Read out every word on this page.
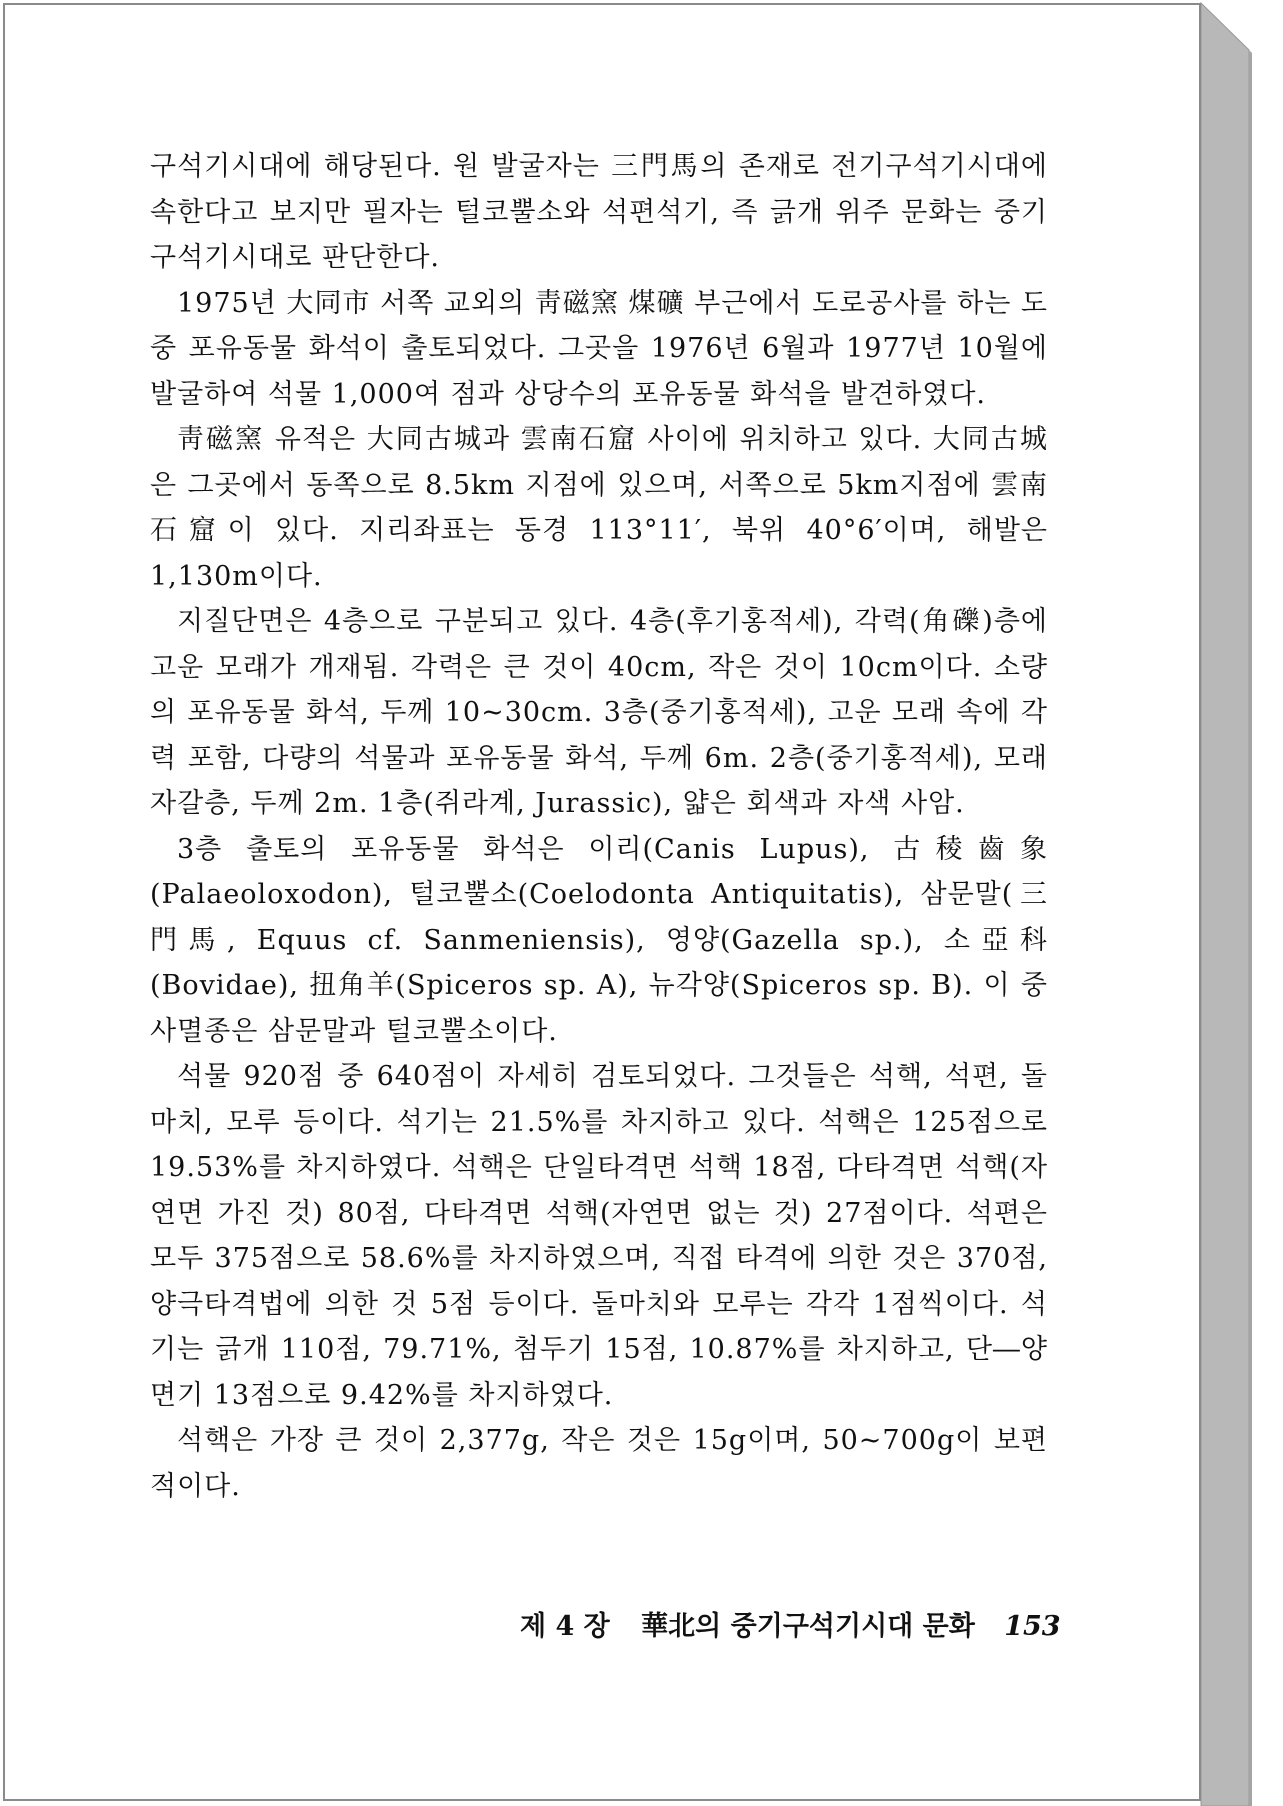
구석기시대에 해당된다. 원 발굴자는 三門馬의 존재로 전기구석기시대에 속한다고 보지만 필자는 털코뿔소와 석편석기, 즉 긁개 위주 문화는 중기구석기시대로 판단한다.

1975년 大同市 서쪽 교외의 靑磁窯 煤礦 부근에서 도로공사를 하는 도중 포유동물 화석이 출토되었다. 그곳을 1976년 6월과 1977년 10월에 발굴하여 석물 1,000여 점과 상당수의 포유동물 화석을 발견하였다.

靑磁窯 유적은 大同古城과 雲南石窟 사이에 위치하고 있다. 大同古城은 그곳에서 동쪽으로 8.5km 지점에 있으며, 서쪽으로 5km지점에 雲南石窟이 있다. 지리좌표는 동경 113°11′, 북위 40°6′이며, 해발은 1,130m이다.

지질단면은 4층으로 구분되고 있다. 4층(후기홍적세), 각력(角礫)층에 고운 모래가 개재됨. 각력은 큰 것이 40cm, 작은 것이 10cm이다. 소량의 포유동물 화석, 두께 10~30cm. 3층(중기홍적세), 고운 모래 속에 각력 포함, 다량의 석물과 포유동물 화석, 두께 6m. 2층(중기홍적세), 모래 자갈층, 두께 2m. 1층(쥐라계, Jurassic), 얇은 회색과 자색 사암.

3층 출토의 포유동물 화석은 이리(Canis Lupus), 古稜齒象(Palaeoloxodon), 털코뿔소(Coelodonta Antiquitatis), 삼문말(三門馬, Equus cf. Sanmeniensis), 영양(Gazella sp.), 소亞科(Bovidae), 扭角羊(Spiceros sp. A), 뉴각양(Spiceros sp. B). 이 중 사멸종은 삼문말과 털코뿔소이다.

석물 920점 중 640점이 자세히 검토되었다. 그것들은 석핵, 석편, 돌마치, 모루 등이다. 석기는 21.5%를 차지하고 있다. 석핵은 125점으로 19.53%를 차지하였다. 석핵은 단일타격면 석핵 18점, 다타격면 석핵(자연면 가진 것) 80점, 다타격면 석핵(자연면 없는 것) 27점이다. 석편은 모두 375점으로 58.6%를 차지하였으며, 직접 타격에 의한 것은 370점, 양극타격법에 의한 것 5점 등이다. 돌마치와 모루는 각각 1점씩이다. 석기는 긁개 110점, 79.71%, 첨두기 15점, 10.87%를 차지하고, 단―양면기 13점으로 9.42%를 차지하였다.

석핵은 가장 큰 것이 2,377g, 작은 것은 15g이며, 50~700g이 보편적이다.

제 4 장 華北의 중기구석기시대 문화 153
